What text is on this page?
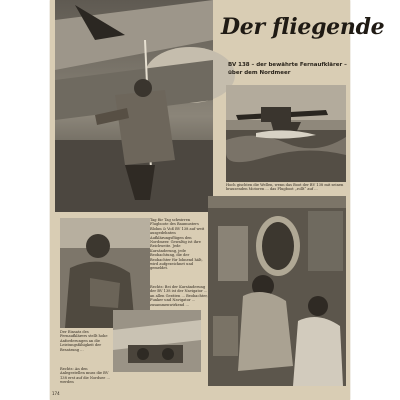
Der fliegende
BV 138 – der bewährte Fernaufklärer – über dem Nordmeer
Hoch gischten die Wellen, wenn das Boot der BV 138 mit seinen brausenden Motoren ... das Flugboot „rollt“ auf ...
Tag für Tag schwirren Flugboote des Baumusters Blohm & Voß BV 138 auf weit ausgedehnten Aufklärungsflügen den Nordmeer. Gewaltig ist ihre Reichweite. Jede Kursänderung, jede Beobachtung, die der Beobachter für lohnend hält, wird aufgezeichnet und gemeldet.
Rechts: Bei der Kursänderung der BV 138 ist der Navigator ... an allen Geräten ... Beobachter, Funker und Navigator ... zusammenwirkend ...
Der Einsatz des Fernaufklärers stellt hohe Anforderungen an die Leistungsfähigkeit der Besatzung ...
Rechts: An den Anlegestellen muss die BV 138 erst auf die Nordsee ... werden
174
